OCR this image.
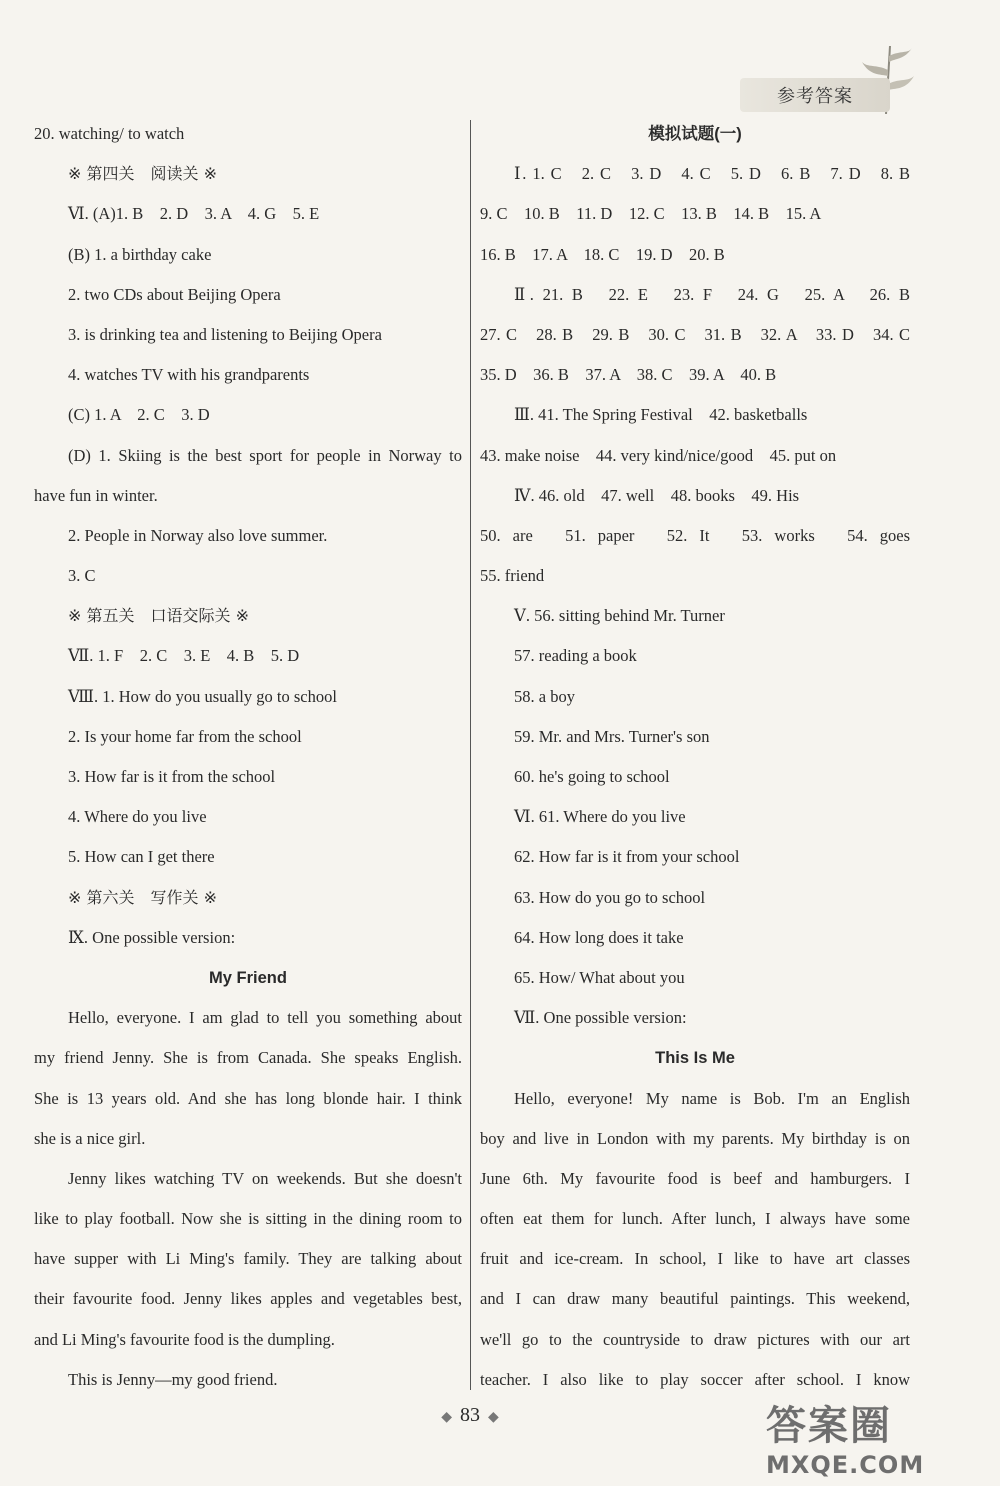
参考答案
20. watching/ to watch
※ 第四关　阅读关 ※
Ⅵ. (A)1. B　2. D　3. A　4. G　5. E
(B) 1. a birthday cake
2. two CDs about Beijing Opera
3. is drinking tea and listening to Beijing Opera
4. watches TV with his grandparents
(C) 1. A　2. C　3. D
(D) 1. Skiing is the best sport for people in Norway to
have fun in winter.
2. People in Norway also love summer.
3. C
※ 第五关　口语交际关 ※
Ⅶ. 1. F　2. C　3. E　4. B　5. D
Ⅷ. 1. How do you usually go to school
2. Is your home far from the school
3. How far is it from the school
4. Where do you live
5. How can I get there
※ 第六关　写作关 ※
Ⅸ. One possible version:
My Friend
Hello, everyone. I am glad to tell you something about
my friend Jenny. She is from Canada. She speaks English.
She is 13 years old. And she has long blonde hair. I think
she is a nice girl.
Jenny likes watching TV on weekends. But she doesn't
like to play football. Now she is sitting in the dining room to
have supper with Li Ming's family. They are talking about
their favourite food. Jenny likes apples and vegetables best,
and Li Ming's favourite food is the dumpling.
This is Jenny—my good friend.
模拟试题(一)
Ⅰ. 1. C　2. C　3. D　4. C　5. D　6. B　7. D　8. B
9. C　10. B　11. D　12. C　13. B　14. B　15. A
16. B　17. A　18. C　19. D　20. B
Ⅱ. 21. B　22. E　23. F　24. G　25. A　26. B
27. C　28. B　29. B　30. C　31. B　32. A　33. D　34. C
35. D　36. B　37. A　38. C　39. A　40. B
Ⅲ. 41. The Spring Festival　42. basketballs
43. make noise　44. very kind/nice/good　45. put on
Ⅳ. 46. old　47. well　48. books　49. His
50. are　51. paper　52. It　53. works　54. goes
55. friend
Ⅴ. 56. sitting behind Mr. Turner
57. reading a book
58. a boy
59. Mr. and Mrs. Turner's son
60. he's going to school
Ⅵ. 61. Where do you live
62. How far is it from your school
63. How do you go to school
64. How long does it take
65. How/ What about you
Ⅶ. One possible version:
This Is Me
Hello, everyone! My name is Bob. I'm an English
boy and live in London with my parents. My birthday is on
June 6th. My favourite food is beef and hamburgers. I
often eat them for lunch. After lunch, I always have some
fruit and ice-cream. In school, I like to have art classes
and I can draw many beautiful paintings. This weekend,
we'll go to the countryside to draw pictures with our art
teacher. I also like to play soccer after school. I know
◆ 83 ◆	答案圈
MXQE.COM
